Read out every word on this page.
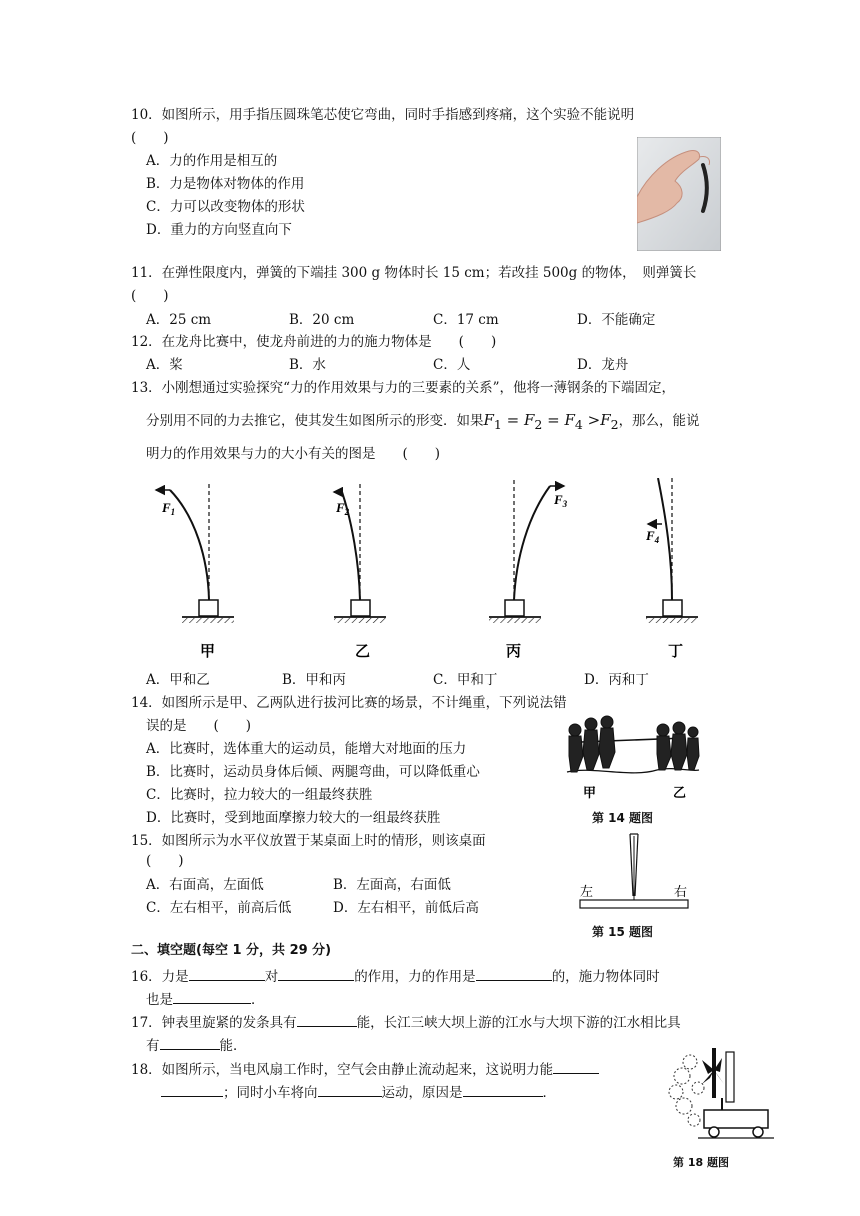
10．如图所示，用手指压圆珠笔芯使它弯曲，同时手指感到疼痛，这个实验不能说明
(　　)
A．力的作用是相互的
B．力是物体对物体的作用
C．力可以改变物体的形状
D．重力的方向竖直向下
11．在弹性限度内，弹簧的下端挂 300 g 物体时长 15 cm；若改挂 500g 的物体，　则弹簧长
(　　)
A．25 cm	B．20 cm	C．17 cm	D．不能确定
12．在龙舟比赛中，使龙舟前进的力的施力物体是　　(　　)
A．桨	B．水	C．人	D．龙舟
13．小刚想通过实验探究“力的作用效果与力的三要素的关系”，他将一薄钢条的下端固定，
分别用不同的力去推它，使其发生如图所示的形变．如果$F_1 = F_2 = F_4 >F_2$，那么，能说
明力的作用效果与力的大小有关的图是　　(　　)
$F_1$
甲
$F_2$
乙
$F_3$
丙
$F_4$
丁
A．甲和乙	B．甲和丙	C．甲和丁	D．丙和丁
14．如图所示是甲、乙两队进行拔河比赛的场景，不计绳重，下列说法错
误的是　　(　　)
A．比赛时，选体重大的运动员，能增大对地面的压力
B．比赛时，运动员身体后倾、两腿弯曲，可以降低重心
C．比赛时，拉力较大的一组最终获胜
D．比赛时，受到地面摩擦力较大的一组最终获胜
甲	乙
第 14 题图
15．如图所示为水平仪放置于某桌面上时的情形，则该桌面
(　　)
A．右面高，左面低	B．左面高，右面低
C．左右相平，前高后低	D．左右相平，前低后高
左	右
第 15 题图
二、填空题(每空 1 分，共 29 分)
16．力是	对	的作用，力的作用是	的，施力物体同时
也是	．
17．钟表里旋紧的发条具有	能，长江三峡大坝上游的江水与大坝下游的江水相比具
有	能．
18．如图所示，当电风扇工作时，空气会由静止流动起来，这说明力能
；同时小车将向	运动，原因是	．
第 18 题图
